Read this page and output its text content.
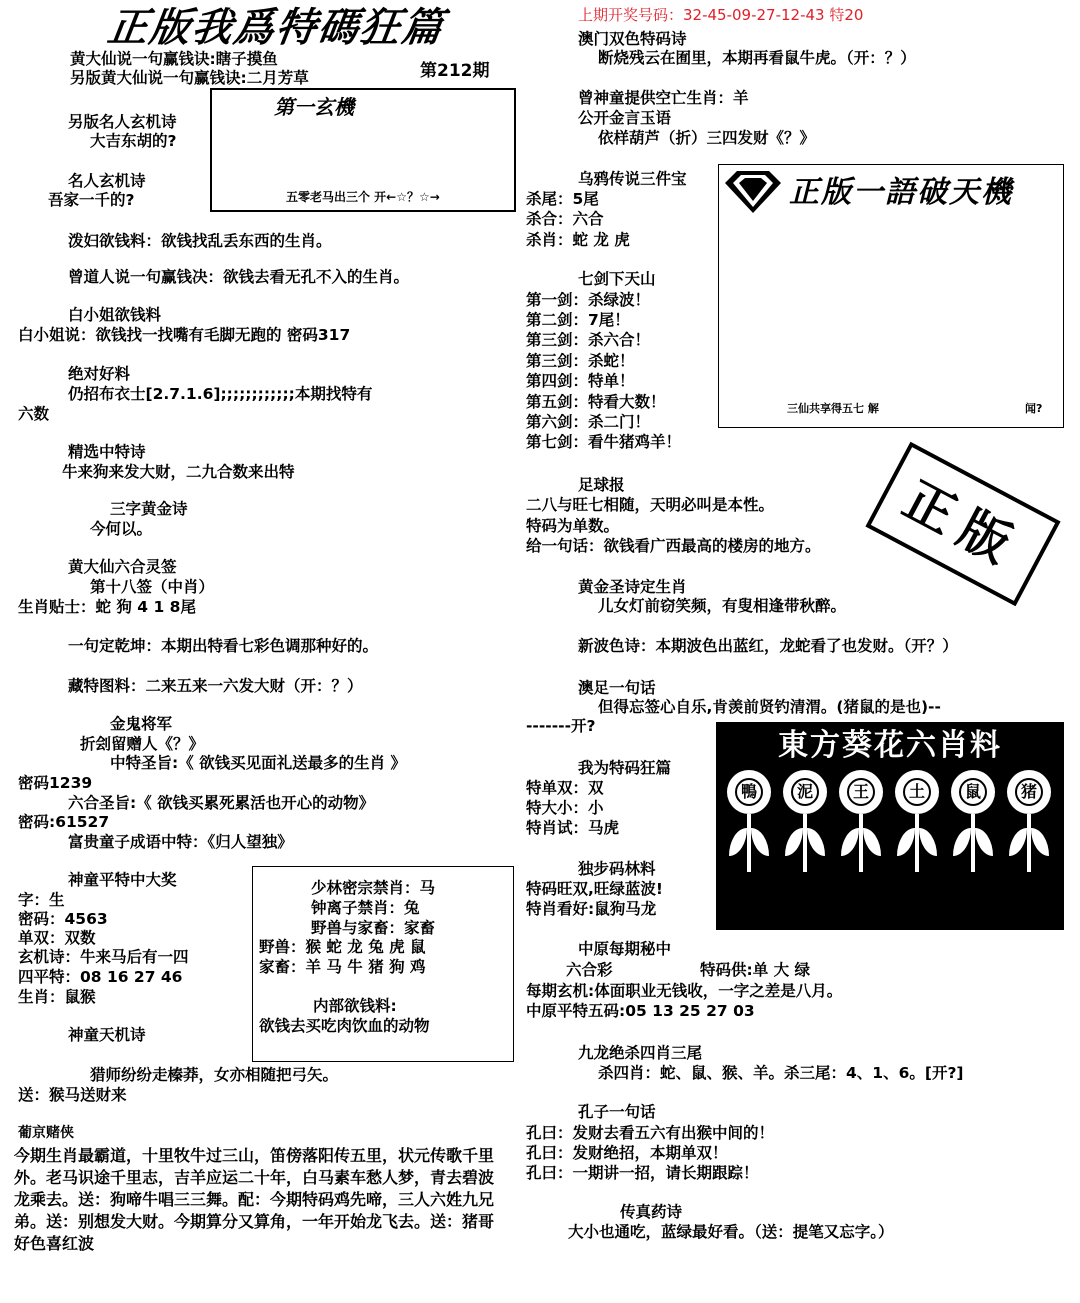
正版我爲特碼狂篇
第212期
上期开奖号码：32-45-09-27-12-43 特20
黄大仙说一句赢钱诀:瞎子摸鱼
另版黄大仙说一句赢钱诀:二月芳草
另版名人玄机诗
大吉东胡的?
名人玄机诗
吾家一千的?
泼妇欲钱料：欲钱找乱丢东西的生肖。
曾道人说一句赢钱决：欲钱去看无孔不入的生肖。
白小姐欲钱料
白小姐说：欲钱找一找嘴有毛脚无跑的 密码317
绝对好料
仍招布衣士[2.7.1.6];;;;;;;;;;;;本期找特有
六数
精选中特诗
牛来狗来发大财，二九合数来出特
三字黄金诗
今何以。
黄大仙六合灵签
第十八签（中肖）
生肖贴士：蛇 狗 4 1 8尾
一句定乾坤：本期出特看七彩色调那种好的。
藏特图料：二来五来一六发大财（开：？）
金鬼将军
折刽留赠人《？》
中特圣旨:《 欲钱买见面礼送最多的生肖 》
密码1239
六合圣旨:《 欲钱买累死累活也开心的动物》
密码:61527
富贵童子成语中特：《归人望独》
神童平特中大奖
字：生
密码：4563
单双：双数
玄机诗：牛来马后有一四
四平特：08 16 27 46
生肖：鼠猴
神童天机诗
猎师纷纷走榛莽，女亦相随把弓矢。
送：猴马送财来
葡京赌侠
今期生肖最霸道，十里牧牛过三山，笛傍落阳传五里，状元传歌千里外。老马识途千里志，吉羊应运二十年，白马素车愁人梦，青去碧波龙乘去。送：狗啼牛唱三三舞。配：今期特码鸡先啼，三人六姓九兄弟。送：别想发大财。今期算分又算角，一年开始龙飞去。送：猪哥好色喜红波
第一玄機
五零老马出三个 开←☆？☆→
少林密宗禁肖：马
钟离子禁肖：兔
野兽与家畜：家畜
野兽：猴 蛇 龙 兔 虎 鼠
家畜：羊 马 牛 猪 狗 鸡
内部欲钱料:
欲钱去买吃肉饮血的动物
澳门双色特码诗
断烧残云在囿里，本期再看鼠牛虎。（开：？）
曾神童提供空亡生肖：羊
公开金言玉语
依样葫芦（折）三四发财《？》
乌鸦传说三件宝
杀尾：5尾
杀合：六合
杀肖：蛇 龙 虎
七剑下天山
第一剑：杀绿波！
第二剑：7尾！
第三剑：杀六合！
第三剑：杀蛇！
第四剑：特单！
第五剑：特看大数！
第六剑：杀二门！
第七剑：看牛猪鸡羊！
足球报
二八与旺七相随，天明必叫是本性。
特码为单数。
给一句话：欲钱看广西最高的楼房的地方。
黄金圣诗定生肖
儿女灯前窃笑频，有叟相逢带秋醉。
新波色诗：本期波色出蓝红，龙蛇看了也发财。（开？）
澳足一句话
但得忘签心自乐,肯羡前贤钓清渭。(猪鼠的是也)--
-------开?
我为特码狂篇
特单双：双
特大小：小
特肖试：马虎
独步码林料
特码旺双,旺绿蓝波!
特肖看好:鼠狗马龙
中原每期秘中
六合彩	特码供:单 大 绿
每期玄机:体面职业无钱收，一字之差是八月。
中原平特五码:05 13 25 27 03
九龙绝杀四肖三尾
杀四肖：蛇、鼠、猴、羊。杀三尾：4、1、6。[开?]
孔子一句话
孔曰：发财去看五六有出猴中间的！
孔曰：发财绝招，本期单双！
孔曰：一期讲一招，请长期跟踪！
传真药诗
大小也通吃，蓝绿最好看。（送：提笔又忘字。）
正版一語破天機
三仙共享得五七 解	闻?
正版
東方葵花六肖料
鴨	泥	王	土	鼠	猪
02 03 04 10 11 12 14 15 16 22 23 24
26 27 28 34 35 36 38 39 40 46 47 48
